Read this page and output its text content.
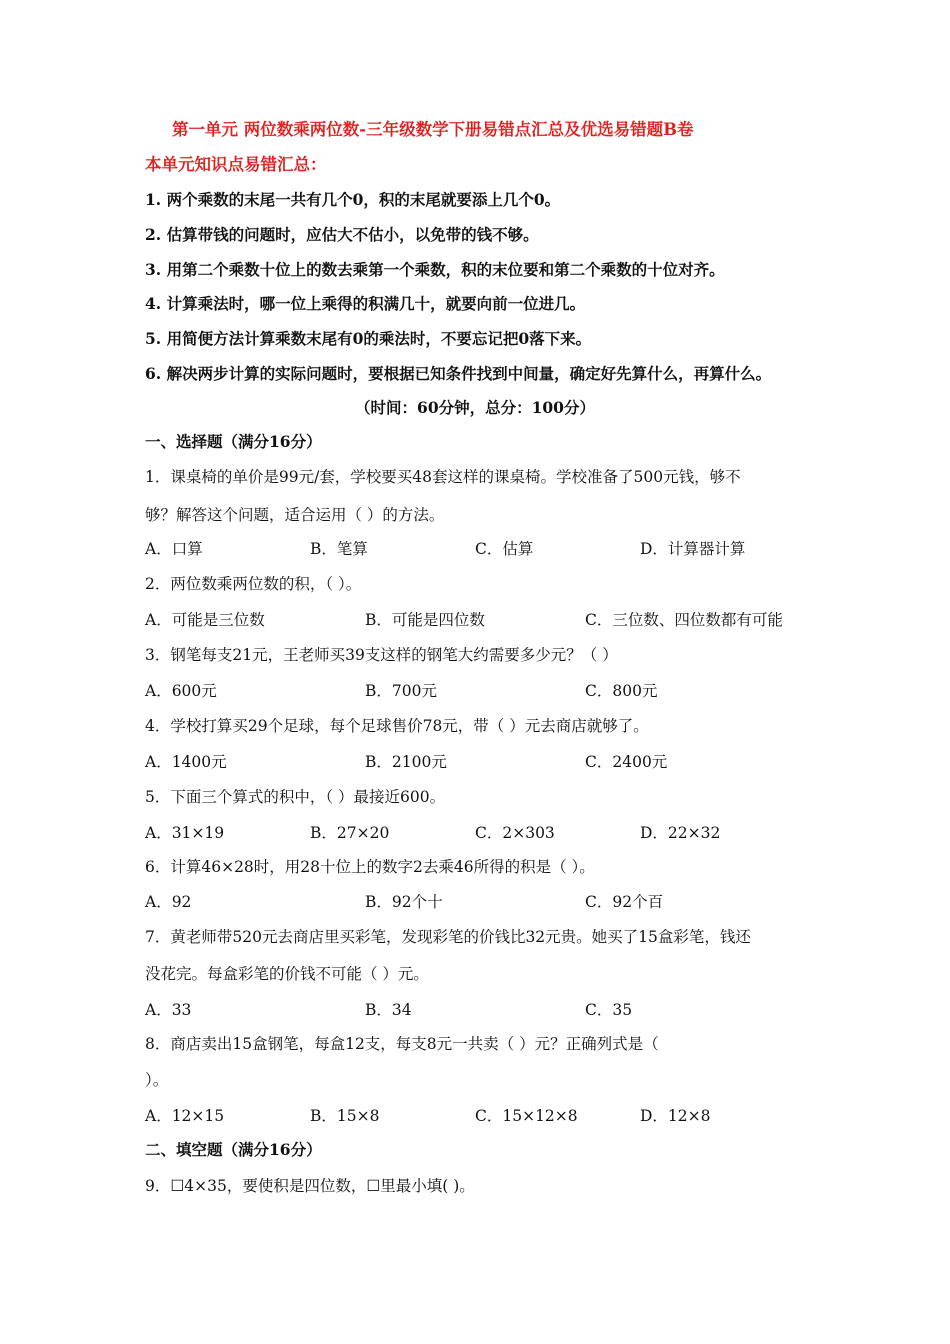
第一单元 两位数乘两位数-三年级数学下册易错点汇总及优选易错题B卷
本单元知识点易错汇总：
1. 两个乘数的末尾一共有几个0，积的末尾就要添上几个0。
2. 估算带钱的问题时，应估大不估小，以免带的钱不够。
3. 用第二个乘数十位上的数去乘第一个乘数，积的末位要和第二个乘数的十位对齐。
4. 计算乘法时，哪一位上乘得的积满几十，就要向前一位进几。
5. 用简便方法计算乘数末尾有0的乘法时，不要忘记把0落下来。
6. 解决两步计算的实际问题时，要根据已知条件找到中间量，确定好先算什么，再算什么。
（时间：60分钟，总分：100分）
一、选择题（满分16分）
1．课桌椅的单价是99元/套，学校要买48套这样的课桌椅。学校准备了500元钱，够不
够？解答这个问题，适合运用（ ）的方法。
A．口算	B．笔算	C．估算	D．计算器计算
2．两位数乘两位数的积，（ ）。
A．可能是三位数	B．可能是四位数	C．三位数、四位数都有可能
3．钢笔每支21元，王老师买39支这样的钢笔大约需要多少元？（ ）
A．600元	B．700元	C．800元
4．学校打算买29个足球，每个足球售价78元，带（ ）元去商店就够了。
A．1400元	B．2100元	C．2400元
5．下面三个算式的积中，（ ）最接近600。
A．31×19	B．27×20	C．2×303	D．22×32
6．计算46×28时，用28十位上的数字2去乘46所得的积是（ ）。
A．92	B．92个十	C．92个百
7．黄老师带520元去商店里买彩笔，发现彩笔的价钱比32元贵。她买了15盒彩笔，钱还
没花完。每盒彩笔的价钱不可能（ ）元。
A．33	B．34	C．35
8．商店卖出15盒钢笔，每盒12支，每支8元一共卖（ ）元？正确列式是（
）。
A．12×15	B．15×8	C．15×12×8	D．12×8
二、填空题（满分16分）
9．☐4×35，要使积是四位数，☐里最小填( )。
